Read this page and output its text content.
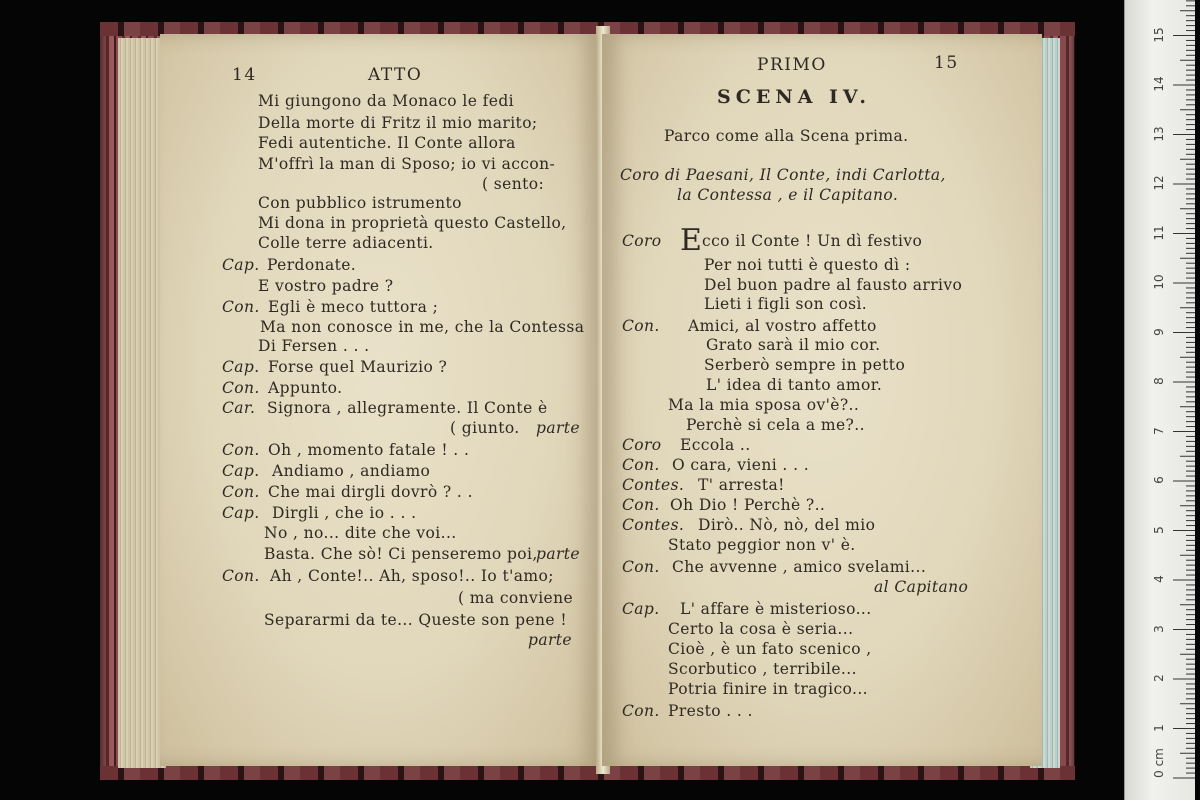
14	ATTO
Mi giungono da Monaco le fedi
Della morte di Fritz il mio marito;
Fedi autentiche. Il Conte allora
M'offrì la man di Sposo; io vi accon-
( sento:
Con pubblico istrumento
Mi dona in proprietà questo Castello,
Colle terre adiacenti.
Cap. Perdonate.
E vostro padre ?
Con. Egli è meco tuttora ;
Ma non conosce in me, che la Contessa
Di Fersen . . .
Cap. Forse quel Maurizio ?
Con. Appunto.
Car. Signora , allegramente. Il Conte è
( giunto. parte
Con. Oh , momento fatale ! . .
Cap. Andiamo , andiamo
Con. Che mai dirgli dovrò ? . .
Cap. Dirgli , che io . . .
No , no... dite che voi...
Basta. Che sò! Ci penseremo poi,
parte
Con. Ah , Conte!.. Ah, sposo!.. Io t'amo;
( ma conviene
Separarmi da te... Queste son pene !
parte
PRIMO	15
SCENA IV.
Parco come alla Scena prima.
Coro di Paesani, Il Conte, indi Carlotta,
la Contessa , e il Capitano.
Coro E cco il Conte ! Un dì festivo
Per noi tutti è questo dì :
Del buon padre al fausto arrivo
Lieti i figli son così.
Con. Amici, al vostro affetto
Grato sarà il mio cor.
Serberò sempre in petto
L' idea di tanto amor.
Ma la mia sposa ov'è?..
Perchè si cela a me?..
Coro Eccola ..
Con. O cara, vieni . . .
Contes. T' arresta!
Con. Oh Dio ! Perchè ?..
Contes. Dirò.. Nò, nò, del mio
Stato peggior non v' è.
Con. Che avvenne , amico svelami...
al Capitano
Cap. L' affare è misterioso...
Certo la cosa è seria...
Cioè , è un fato scenico ,
Scorbutico , terribile...
Potria finire in tragico...
Con. Presto . . .
0 cm
1
2
3
4
5
6
7
8
9
10
11
12
13
14
15
